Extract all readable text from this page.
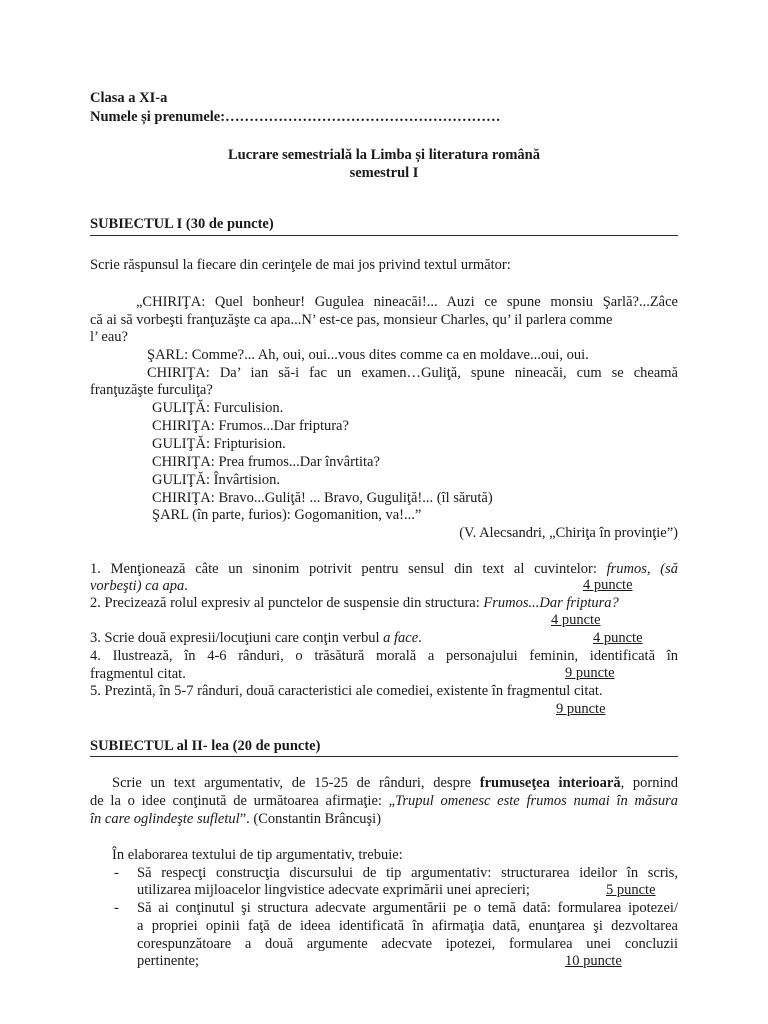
Clasa a XI-a
Numele și prenumele:…………………………………………………
Lucrare semestrială la Limba și literatura română
semestrul I
SUBIECTUL I (30 de puncte)
Scrie răspunsul la fiecare din cerinţele de mai jos privind textul următor:
„CHIRIŢA: Quel bonheur! Gugulea nineacăi!... Auzi ce spune monsiu Şarlă?...Zâce
că ai să vorbeşti franţuzăşte ca apa...N’ est-ce pas, monsieur Charles, qu’ il parlera comme
l’ eau?
ŞARL: Comme?... Ah, oui, oui...vous dites comme ca en moldave...oui, oui.
CHIRIŢA: Da’ ian să-i fac un examen…Guliţă, spune nineacăi, cum se cheamă
franţuzăşte furculiţa?
GULIŢĂ: Furculision.
CHIRIŢA: Frumos...Dar friptura?
GULIŢĂ: Fripturision.
CHIRIŢA: Prea frumos...Dar învârtita?
GULIŢĂ: Învârtision.
CHIRIŢA: Bravo...Guliţă! ... Bravo, Guguliţă!... (îl sărută)
ŞARL (în parte, furios): Gogomanition, va!...”
(V. Alecsandri, „Chiriţa în provinţie”)
1. Menţionează câte un sinonim potrivit pentru sensul din text al cuvintelor: frumos, (să
vorbeşti) ca apa.	4 puncte
2. Precizează rolul expresiv al punctelor de suspensie din structura: Frumos...Dar friptura?
4 puncte
3. Scrie două expresii/locuţiuni care conţin verbul a face.	4 puncte
4. Ilustrează, în 4-6 rânduri, o trăsătură morală a personajului feminin, identificată în
fragmentul citat.	9 puncte
5. Prezintă, în 5-7 rânduri, două caracteristici ale comediei, existente în fragmentul citat.
9 puncte
SUBIECTUL al II- lea (20 de puncte)
Scrie un text argumentativ, de 15-25 de rânduri, despre frumuseţea interioară, pornind
de la o idee conţinută de următoarea afirmaţie: „Trupul omenesc este frumos numai în măsura
în care oglindeşte sufletul”. (Constantin Brâncuşi)
În elaborarea textului de tip argumentativ, trebuie:
- Să respecţi construcţia discursului de tip argumentativ: structurarea ideilor în scris,
utilizarea mijloacelor lingvistice adecvate exprimării unei aprecieri;	5 puncte
- Să ai conţinutul şi structura adecvate argumentării pe o temă dată: formularea ipotezei/
a propriei opinii faţă de ideea identificată în afirmaţia dată, enunţarea şi dezvoltarea
corespunzătoare a două argumente adecvate ipotezei, formularea unei concluzii
pertinente;	10 puncte
